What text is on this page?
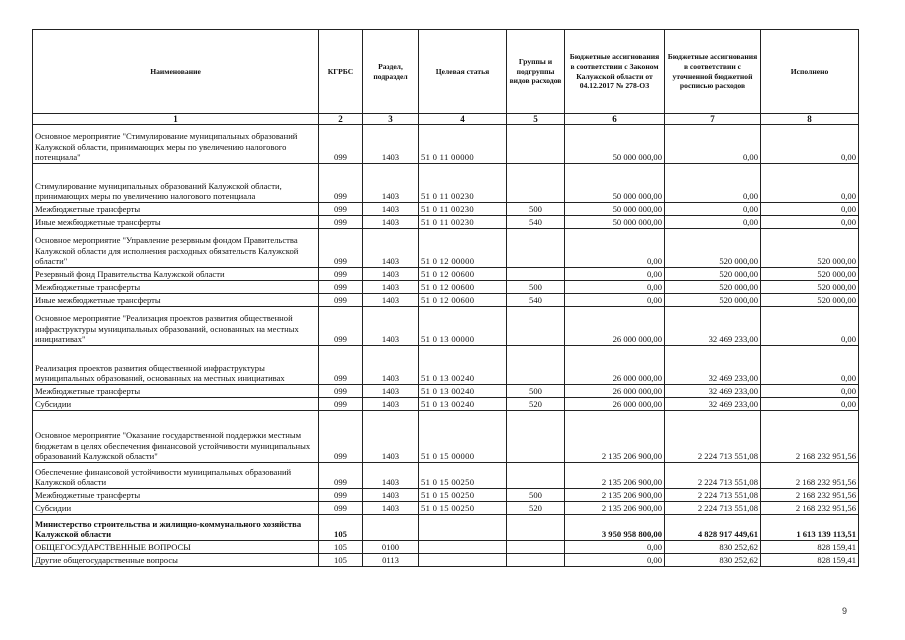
Наименование	КГРБС	Раздел, подраздел	Целевая статья	Группы и подгруппы видов расходов	Бюджетные ассигнования в соответствии с Законом Калужской области от 04.12.2017 № 278-ОЗ	Бюджетные ассигнования в соответствии с уточненной бюджетной росписью расходов	Исполнено
1	2	3	4	5	6	7	8
Основное мероприятие "Стимулирование муниципальных образований Калужской области, принимающих меры по увеличению налогового потенциала"	099	1403	51 0 11 00000		50 000 000,00	0,00	0,00
Стимулирование муниципальных образований Калужской области, принимающих меры по увеличению налогового потенциала	099	1403	51 0 11 00230		50 000 000,00	0,00	0,00
Межбюджетные трансферты	099	1403	51 0 11 00230	500	50 000 000,00	0,00	0,00
Иные межбюджетные трансферты	099	1403	51 0 11 00230	540	50 000 000,00	0,00	0,00
Основное мероприятие "Управление резервным фондом Правительства Калужской области для исполнения расходных обязательств Калужской области"	099	1403	51 0 12 00000		0,00	520 000,00	520 000,00
Резервный фонд Правительства Калужской области	099	1403	51 0 12 00600		0,00	520 000,00	520 000,00
Межбюджетные трансферты	099	1403	51 0 12 00600	500	0,00	520 000,00	520 000,00
Иные межбюджетные трансферты	099	1403	51 0 12 00600	540	0,00	520 000,00	520 000,00
Основное мероприятие "Реализация проектов развития общественной инфраструктуры муниципальных образований, основанных на местных инициативах"	099	1403	51 0 13 00000		26 000 000,00	32 469 233,00	0,00
Реализация проектов развития общественной инфраструктуры муниципальных образований, основанных на местных инициативах	099	1403	51 0 13 00240		26 000 000,00	32 469 233,00	0,00
Межбюджетные трансферты	099	1403	51 0 13 00240	500	26 000 000,00	32 469 233,00	0,00
Субсидии	099	1403	51 0 13 00240	520	26 000 000,00	32 469 233,00	0,00
Основное мероприятие "Оказание государственной поддержки местным бюджетам в целях обеспечения финансовой устойчивости муниципальных образований Калужской области"	099	1403	51 0 15 00000		2 135 206 900,00	2 224 713 551,08	2 168 232 951,56
Обеспечение финансовой устойчивости муниципальных образований Калужской области	099	1403	51 0 15 00250		2 135 206 900,00	2 224 713 551,08	2 168 232 951,56
Межбюджетные трансферты	099	1403	51 0 15 00250	500	2 135 206 900,00	2 224 713 551,08	2 168 232 951,56
Субсидии	099	1403	51 0 15 00250	520	2 135 206 900,00	2 224 713 551,08	2 168 232 951,56
Министерство строительства и жилищно-коммунального хозяйства Калужской области	105				3 950 958 800,00	4 828 917 449,61	1 613 139 113,51
ОБЩЕГОСУДАРСТВЕННЫЕ ВОПРОСЫ	105	0100			0,00	830 252,62	828 159,41
Другие общегосударственные вопросы	105	0113			0,00	830 252,62	828 159,41
9
